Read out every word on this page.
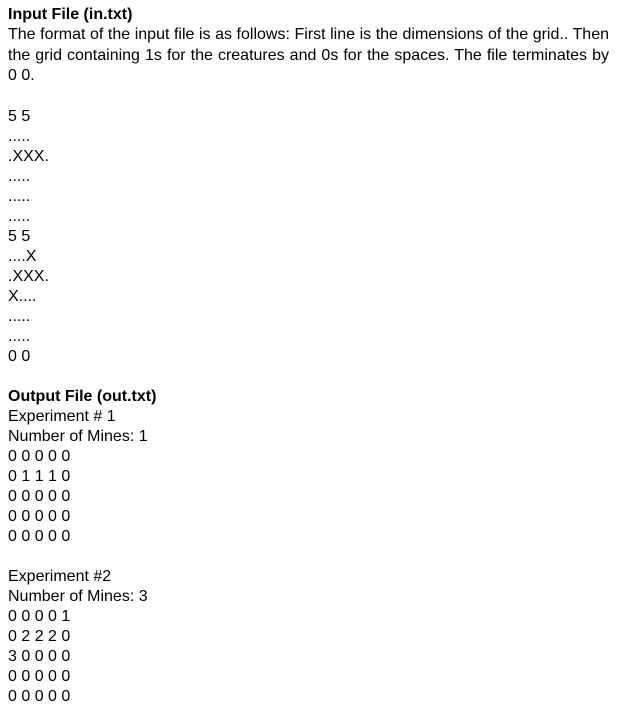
Input File (in.txt)

The format of the input file is as follows: First line is the dimensions of the grid.. Then the grid containing 1s for the creatures and 0s for the spaces. The file terminates by 0 0.

5 5
.....
.XXX.
.....
.....
.....
5 5
....X
.XXX.
X....
.....
.....
0 0
Output File (out.txt)
Experiment # 1
Number of Mines: 1
0 0 0 0 0
0 1 1 1 0
0 0 0 0 0
0 0 0 0 0
0 0 0 0 0
Experiment #2
Number of Mines: 3
0 0 0 0 1
0 2 2 2 0
3 0 0 0 0
0 0 0 0 0
0 0 0 0 0
